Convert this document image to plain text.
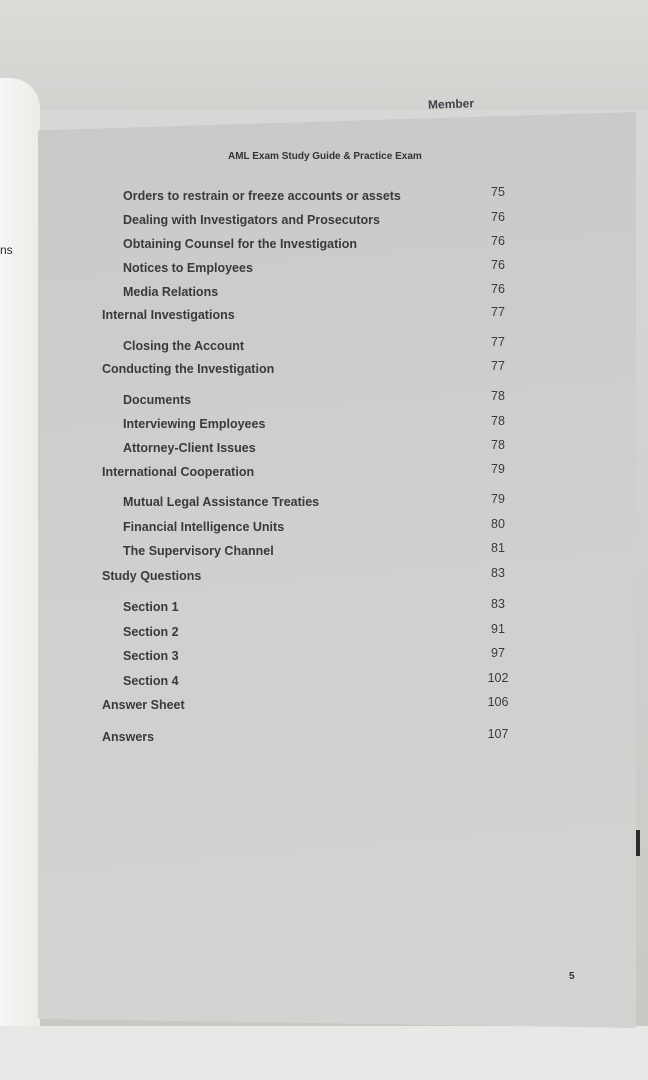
Member
ns
AML Exam Study Guide & Practice Exam
Orders to restrain or freeze accounts or assets	75
Dealing with Investigators and Prosecutors	76
Obtaining Counsel for the Investigation	76
Notices to Employees	76
Media Relations	76
Internal Investigations	77
Closing the Account	77
Conducting the Investigation	77
Documents	78
Interviewing Employees	78
Attorney-Client Issues	78
International Cooperation	79
Mutual Legal Assistance Treaties	79
Financial Intelligence Units	80
The Supervisory Channel	81
Study Questions	83
Section 1	83
Section 2	91
Section 3	97
Section 4	102
Answer Sheet	106
Answers	107
5
